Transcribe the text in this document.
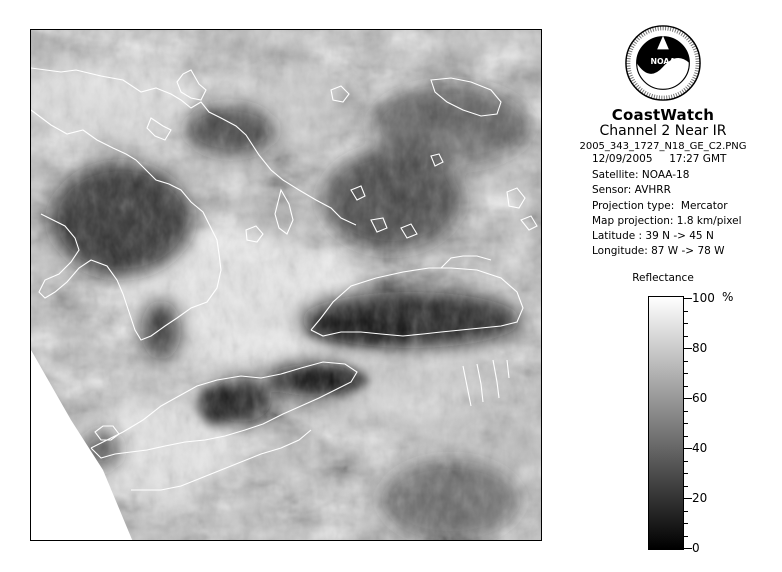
NOAA
CoastWatch
Channel 2 Near IR
2005_343_1727_N18_GE_C2.PNG
12/09/2005     17:27 GMT
Satellite: NOAA-18
Sensor: AVHRR
Projection type:  Mercator
Map projection: 1.8 km/pixel
Latitude : 39 N -> 45 N
Longitude: 87 W -> 78 W
Reflectance
%
100
80
60
40
20
0
